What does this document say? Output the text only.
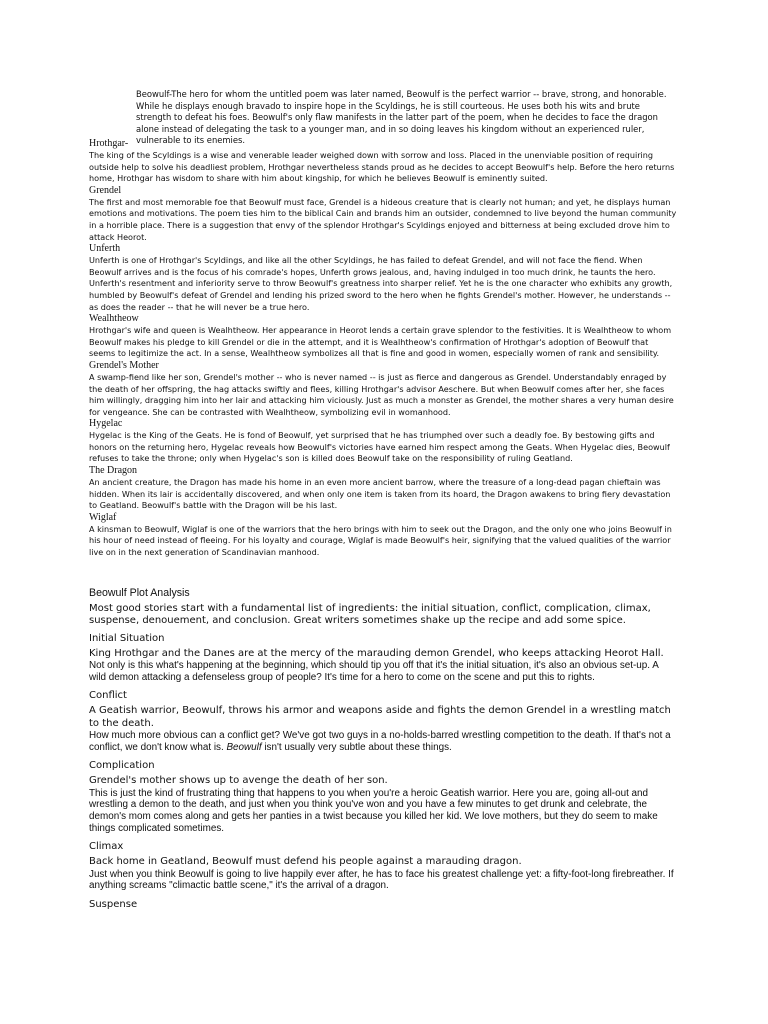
Beowulf-The hero for whom the untitled poem was later named, Beowulf is the perfect warrior -- brave, strong, and honorable. While he displays enough bravado to inspire hope in the Scyldings, he is still courteous. He uses both his wits and brute strength to defeat his foes. Beowulf's only flaw manifests in the latter part of the poem, when he decides to face the dragon alone instead of delegating the task to a younger man, and in so doing leaves his kingdom without an experienced ruler, vulnerable to its enemies.
Hrothgar-
The king of the Scyldings is a wise and venerable leader weighed down with sorrow and loss. Placed in the unenviable position of requiring outside help to solve his deadliest problem, Hrothgar nevertheless stands proud as he decides to accept Beowulf's help. Before the hero returns home, Hrothgar has wisdom to share with him about kingship, for which he believes Beowulf is eminently suited.
Grendel
The first and most memorable foe that Beowulf must face, Grendel is a hideous creature that is clearly not human; and yet, he displays human emotions and motivations. The poem ties him to the biblical Cain and brands him an outsider, condemned to live beyond the human community in a horrible place. There is a suggestion that envy of the splendor Hrothgar's Scyldings enjoyed and bitterness at being excluded drove him to attack Heorot.
Unferth
Unferth is one of Hrothgar's Scyldings, and like all the other Scyldings, he has failed to defeat Grendel, and will not face the fiend. When Beowulf arrives and is the focus of his comrade's hopes, Unferth grows jealous, and, having indulged in too much drink, he taunts the hero. Unferth's resentment and inferiority serve to throw Beowulf's greatness into sharper relief. Yet he is the one character who exhibits any growth, humbled by Beowulf's defeat of Grendel and lending his prized sword to the hero when he fights Grendel's mother. However, he understands -- as does the reader -- that he will never be a true hero.
Wealhtheow
Hrothgar's wife and queen is Wealhtheow. Her appearance in Heorot lends a certain grave splendor to the festivities. It is Wealhtheow to whom Beowulf makes his pledge to kill Grendel or die in the attempt, and it is Wealhtheow's confirmation of Hrothgar's adoption of Beowulf that seems to legitimize the act. In a sense, Wealhtheow symbolizes all that is fine and good in women, especially women of rank and sensibility.
Grendel's Mother
A swamp-fiend like her son, Grendel's mother -- who is never named -- is just as fierce and dangerous as Grendel. Understandably enraged by the death of her offspring, the hag attacks swiftly and flees, killing Hrothgar's advisor Aeschere. But when Beowulf comes after her, she faces him willingly, dragging him into her lair and attacking him viciously. Just as much a monster as Grendel, the mother shares a very human desire for vengeance. She can be contrasted with Wealhtheow, symbolizing evil in womanhood.
Hygelac
Hygelac is the King of the Geats. He is fond of Beowulf, yet surprised that he has triumphed over such a deadly foe. By bestowing gifts and honors on the returning hero, Hygelac reveals how Beowulf's victories have earned him respect among the Geats. When Hygelac dies, Beowulf refuses to take the throne; only when Hygelac's son is killed does Beowulf take on the responsibility of ruling Geatland.
The Dragon
An ancient creature, the Dragon has made his home in an even more ancient barrow, where the treasure of a long-dead pagan chieftain was hidden. When its lair is accidentally discovered, and when only one item is taken from its hoard, the Dragon awakens to bring fiery devastation to Geatland. Beowulf's battle with the Dragon will be his last.
Wiglaf
A kinsman to Beowulf, Wiglaf is one of the warriors that the hero brings with him to seek out the Dragon, and the only one who joins Beowulf in his hour of need instead of fleeing. For his loyalty and courage, Wiglaf is made Beowulf's heir, signifying that the valued qualities of the warrior live on in the next generation of Scandinavian manhood.
Beowulf Plot Analysis
Most good stories start with a fundamental list of ingredients: the initial situation, conflict, complication, climax, suspense, denouement, and conclusion. Great writers sometimes shake up the recipe and add some spice.
Initial Situation
King Hrothgar and the Danes are at the mercy of the marauding demon Grendel, who keeps attacking Heorot Hall.
Not only is this what's happening at the beginning, which should tip you off that it's the initial situation, it's also an obvious set-up. A wild demon attacking a defenseless group of people? It's time for a hero to come on the scene and put this to rights.
Conflict
A Geatish warrior, Beowulf, throws his armor and weapons aside and fights the demon Grendel in a wrestling match to the death.
How much more obvious can a conflict get? We've got two guys in a no-holds-barred wrestling competition to the death. If that's not a conflict, we don't know what is. Beowulf isn't usually very subtle about these things.
Complication
Grendel's mother shows up to avenge the death of her son.
This is just the kind of frustrating thing that happens to you when you're a heroic Geatish warrior. Here you are, going all-out and wrestling a demon to the death, and just when you think you've won and you have a few minutes to get drunk and celebrate, the demon's mom comes along and gets her panties in a twist because you killed her kid. We love mothers, but they do seem to make things complicated sometimes.
Climax
Back home in Geatland, Beowulf must defend his people against a marauding dragon.
Just when you think Beowulf is going to live happily ever after, he has to face his greatest challenge yet: a fifty-foot-long firebreather. If anything screams "climactic battle scene," it's the arrival of a dragon.
Suspense
